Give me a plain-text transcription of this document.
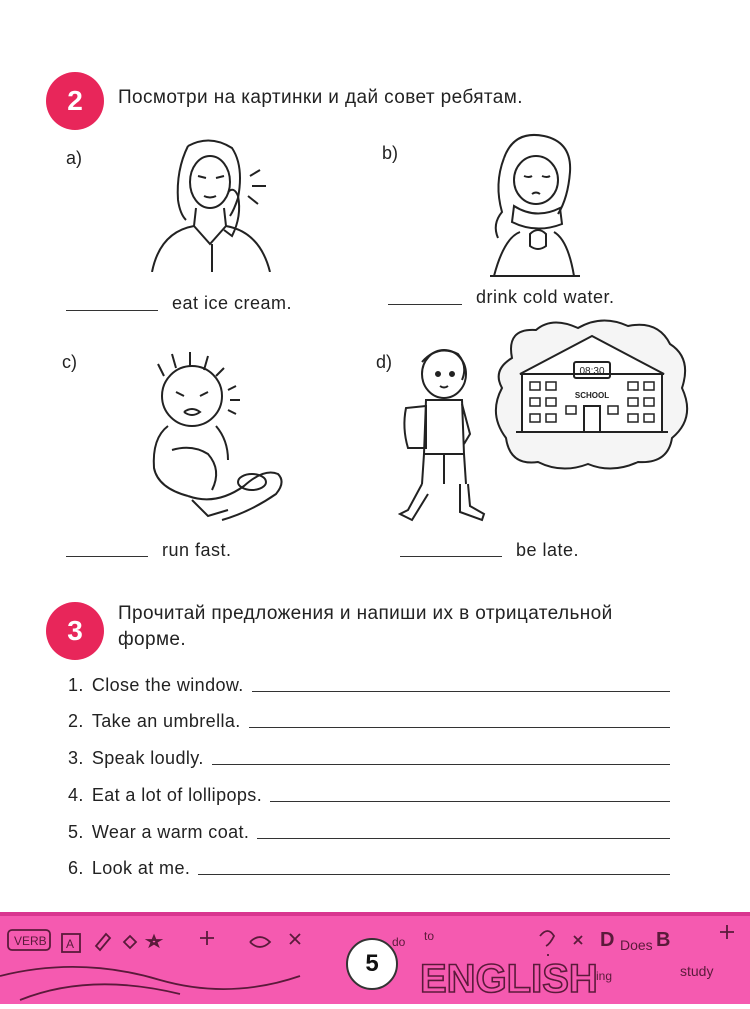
2	Посмотри на картинки и дай совет ребятам.
a)	b)
c)	d)	08:30
SCHOOL
eat ice cream.	drink cold water.
run fast.	be late.
3
Прочитай предложения и напиши их в отрицательной
форме.
1. Close the window.
2. Take an umbrella.
3. Speak loudly.
4. Eat a lot of lollipops.
5. Wear a warm coat.
6. Look at me.
VERB A
ENGLISH
Does
study
ing
D B
do to
5
